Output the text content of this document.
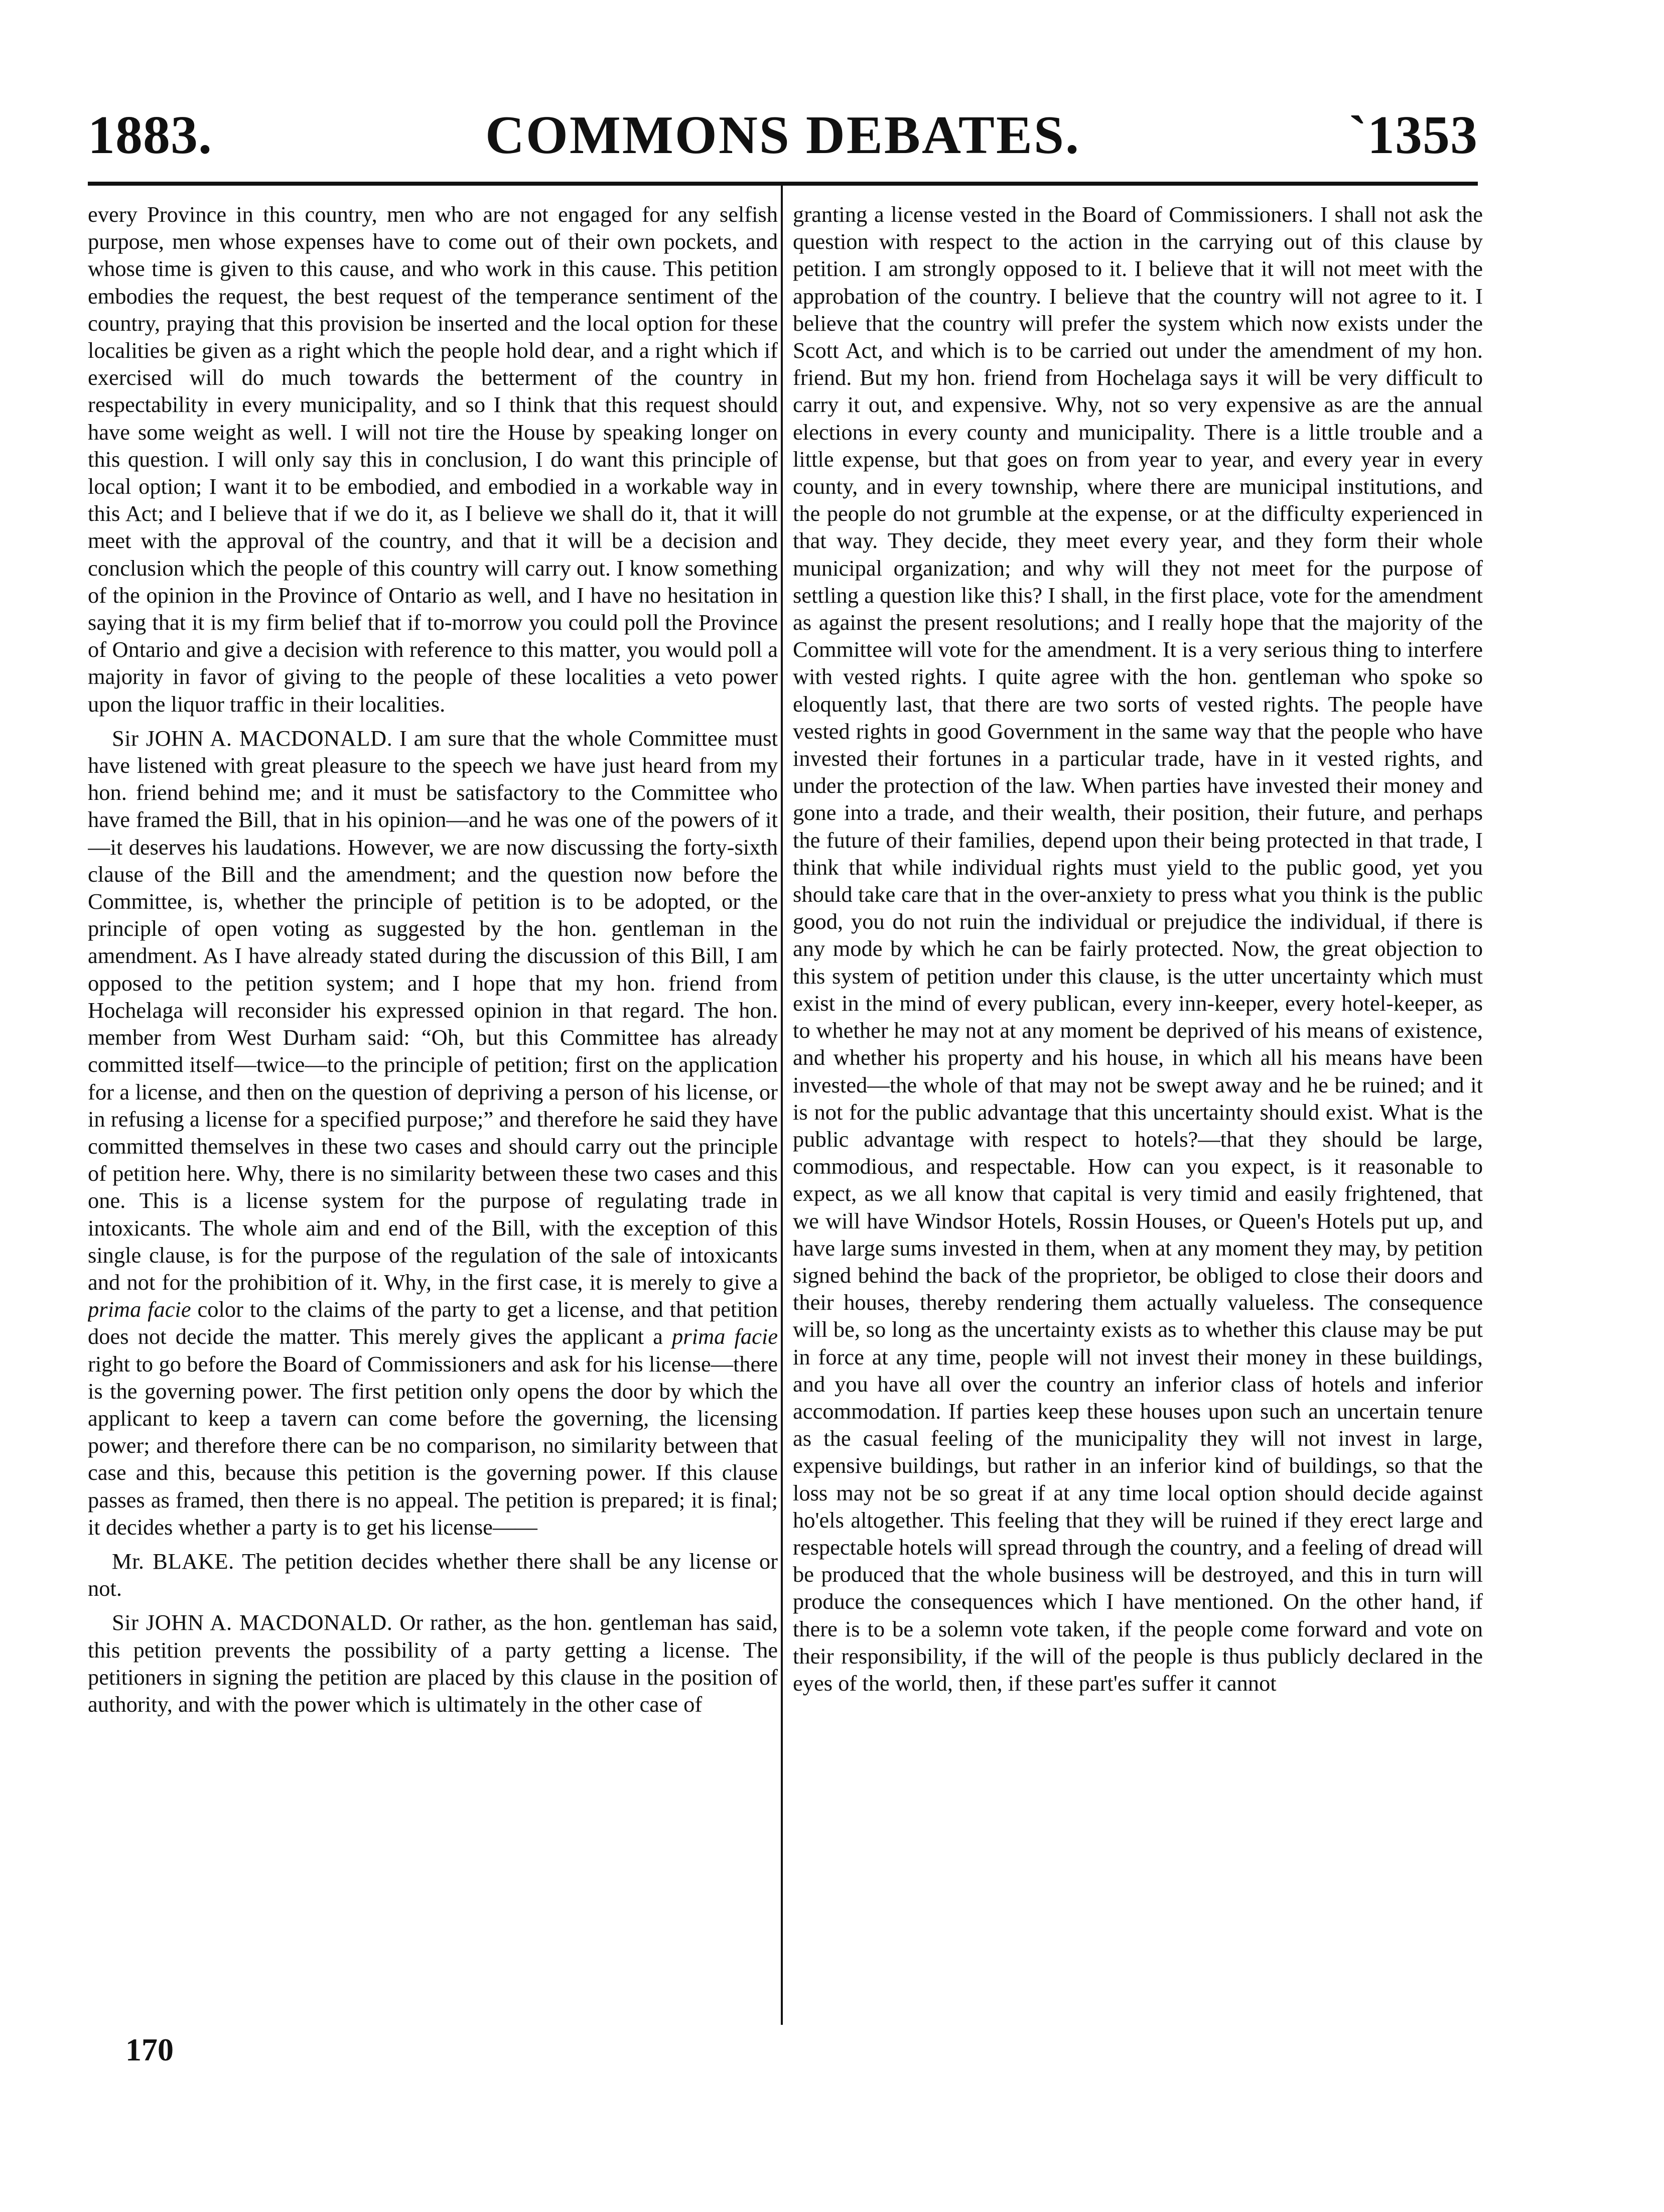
1883.	COMMONS DEBATES.	`1353

every Province in this country, men who are not engaged for any selfish purpose, men whose expenses have to come out of their own pockets, and whose time is given to this cause, and who work in this cause. This petition embodies the request, the best request of the temperance sentiment of the country, praying that this provision be inserted and the local option for these localities be given as a right which the people hold dear, and a right which if exercised will do much towards the betterment of the country in respectability in every municipality, and so I think that this request should have some weight as well. I will not tire the House by speaking longer on this question. I will only say this in conclusion, I do want this principle of local option; I want it to be embodied, and embodied in a workable way in this Act; and I believe that if we do it, as I believe we shall do it, that it will meet with the approval of the country, and that it will be a decision and conclusion which the people of this country will carry out. I know something of the opinion in the Province of Ontario as well, and I have no hesitation in saying that it is my firm belief that if to-morrow you could poll the Province of Ontario and give a decision with reference to this matter, you would poll a majority in favor of giving to the people of these localities a veto power upon the liquor traffic in their localities.

Sir JOHN A. MACDONALD. I am sure that the whole Committee must have listened with great pleasure to the speech we have just heard from my hon. friend behind me; and it must be satisfactory to the Committee who have framed the Bill, that in his opinion—and he was one of the powers of it—it deserves his laudations. However, we are now discussing the forty-sixth clause of the Bill and the amendment; and the question now before the Committee, is, whether the principle of petition is to be adopted, or the principle of open voting as suggested by the hon. gentleman in the amendment. As I have already stated during the discussion of this Bill, I am opposed to the petition system; and I hope that my hon. friend from Hochelaga will reconsider his expressed opinion in that regard. The hon. member from West Durham said: “Oh, but this Committee has already committed itself—twice—to the principle of petition; first on the application for a license, and then on the question of depriving a person of his license, or in refusing a license for a specified purpose;” and therefore he said they have committed themselves in these two cases and should carry out the principle of petition here. Why, there is no similarity between these two cases and this one. This is a license system for the purpose of regulating trade in intoxicants. The whole aim and end of the Bill, with the exception of this single clause, is for the purpose of the regulation of the sale of intoxicants and not for the prohibition of it. Why, in the first case, it is merely to give a prima facie color to the claims of the party to get a license, and that petition does not decide the matter. This merely gives the applicant a prima facie right to go before the Board of Commissioners and ask for his license—there is the governing power. The first petition only opens the door by which the applicant to keep a tavern can come before the governing, the licensing power; and therefore there can be no comparison, no similarity between that case and this, because this petition is the governing power. If this clause passes as framed, then there is no appeal. The petition is prepared; it is final; it decides whether a party is to get his license——

Mr. BLAKE. The petition decides whether there shall be any license or not.

Sir JOHN A. MACDONALD. Or rather, as the hon. gentleman has said, this petition prevents the possibility of a party getting a license. The petitioners in signing the petition are placed by this clause in the position of authority, and with the power which is ultimately in the other case of

granting a license vested in the Board of Commissioners. I shall not ask the question with respect to the action in the carrying out of this clause by petition. I am strongly opposed to it. I believe that it will not meet with the approbation of the country. I believe that the country will not agree to it. I believe that the country will prefer the system which now exists under the Scott Act, and which is to be carried out under the amendment of my hon. friend. But my hon. friend from Hochelaga says it will be very difficult to carry it out, and expensive. Why, not so very expensive as are the annual elections in every county and municipality. There is a little trouble and a little expense, but that goes on from year to year, and every year in every county, and in every township, where there are municipal institutions, and the people do not grumble at the expense, or at the difficulty experienced in that way. They decide, they meet every year, and they form their whole municipal organization; and why will they not meet for the purpose of settling a question like this? I shall, in the first place, vote for the amendment as against the present resolutions; and I really hope that the majority of the Committee will vote for the amendment. It is a very serious thing to interfere with vested rights. I quite agree with the hon. gentleman who spoke so eloquently last, that there are two sorts of vested rights. The people have vested rights in good Government in the same way that the people who have invested their fortunes in a particular trade, have in it vested rights, and under the protection of the law. When parties have invested their money and gone into a trade, and their wealth, their position, their future, and perhaps the future of their families, depend upon their being protected in that trade, I think that while individual rights must yield to the public good, yet you should take care that in the over-anxiety to press what you think is the public good, you do not ruin the individual or prejudice the individual, if there is any mode by which he can be fairly protected. Now, the great objection to this system of petition under this clause, is the utter uncertainty which must exist in the mind of every publican, every inn-keeper, every hotel-keeper, as to whether he may not at any moment be deprived of his means of existence, and whether his property and his house, in which all his means have been invested—the whole of that may not be swept away and he be ruined; and it is not for the public advantage that this uncertainty should exist. What is the public advantage with respect to hotels?—that they should be large, commodious, and respectable. How can you expect, is it reasonable to expect, as we all know that capital is very timid and easily frightened, that we will have Windsor Hotels, Rossin Houses, or Queen's Hotels put up, and have large sums invested in them, when at any moment they may, by petition signed behind the back of the proprietor, be obliged to close their doors and their houses, thereby rendering them actually valueless. The consequence will be, so long as the uncertainty exists as to whether this clause may be put in force at any time, people will not invest their money in these buildings, and you have all over the country an inferior class of hotels and inferior accommodation. If parties keep these houses upon such an uncertain tenure as the casual feeling of the municipality they will not invest in large, expensive buildings, but rather in an inferior kind of buildings, so that the loss may not be so great if at any time local option should decide against ho'els altogether. This feeling that they will be ruined if they erect large and respectable hotels will spread through the country, and a feeling of dread will be produced that the whole business will be destroyed, and this in turn will produce the consequences which I have mentioned. On the other hand, if there is to be a solemn vote taken, if the people come forward and vote on their responsibility, if the will of the people is thus publicly declared in the eyes of the world, then, if these part'es suffer it cannot

170
